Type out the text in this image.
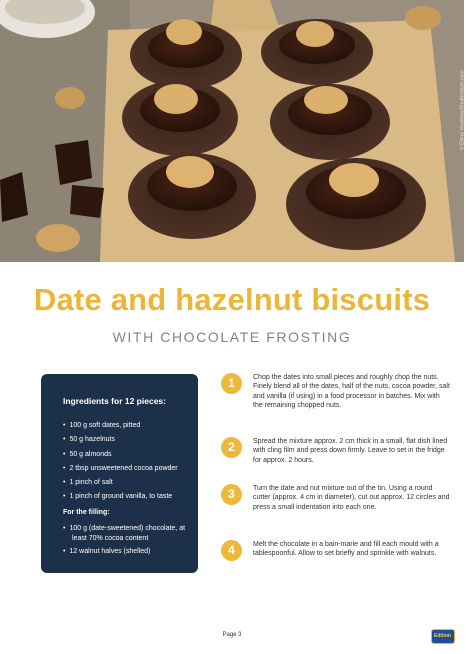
© Elena Veselova/Shutterstock.com
Date and hazelnut biscuits
WITH CHOCOLATE FROSTING
Ingredients for 12 pieces:
• 100 g soft dates, pitted
• 50 g hazelnuts
• 50 g almonds
• 2 tbsp unsweetened cocoa powder
• 1 pinch of salt
• 1 pinch of ground vanilla, to taste
For the filling:
• 100 g (date-sweetened) chocolate, at least 70% cocoa content
• 12 walnut halves (shelled)
1	Chop the dates into small pieces and roughly chop the nuts. Finely blend all of the dates, half of the nuts, cocoa powder, salt and vanilla (if using) in a food processor in batches. Mix with the remaining chopped nuts.
2	Spread the mixture approx. 2 cm thick in a small, flat dish lined with cling film and press down firmly. Leave to set in the fridge for approx. 2 hours.
3	Turn the date and nut mixture out of the tin. Using a round cutter (approx. 4 cm in diameter), cut out approx. 12 circles and press a small indentation into each one.
4	Melt the chocolate in a bain-marie and fill each mould with a tablespoonful. Allow to set briefly and sprinkle with walnuts.
Page 3	Edition
